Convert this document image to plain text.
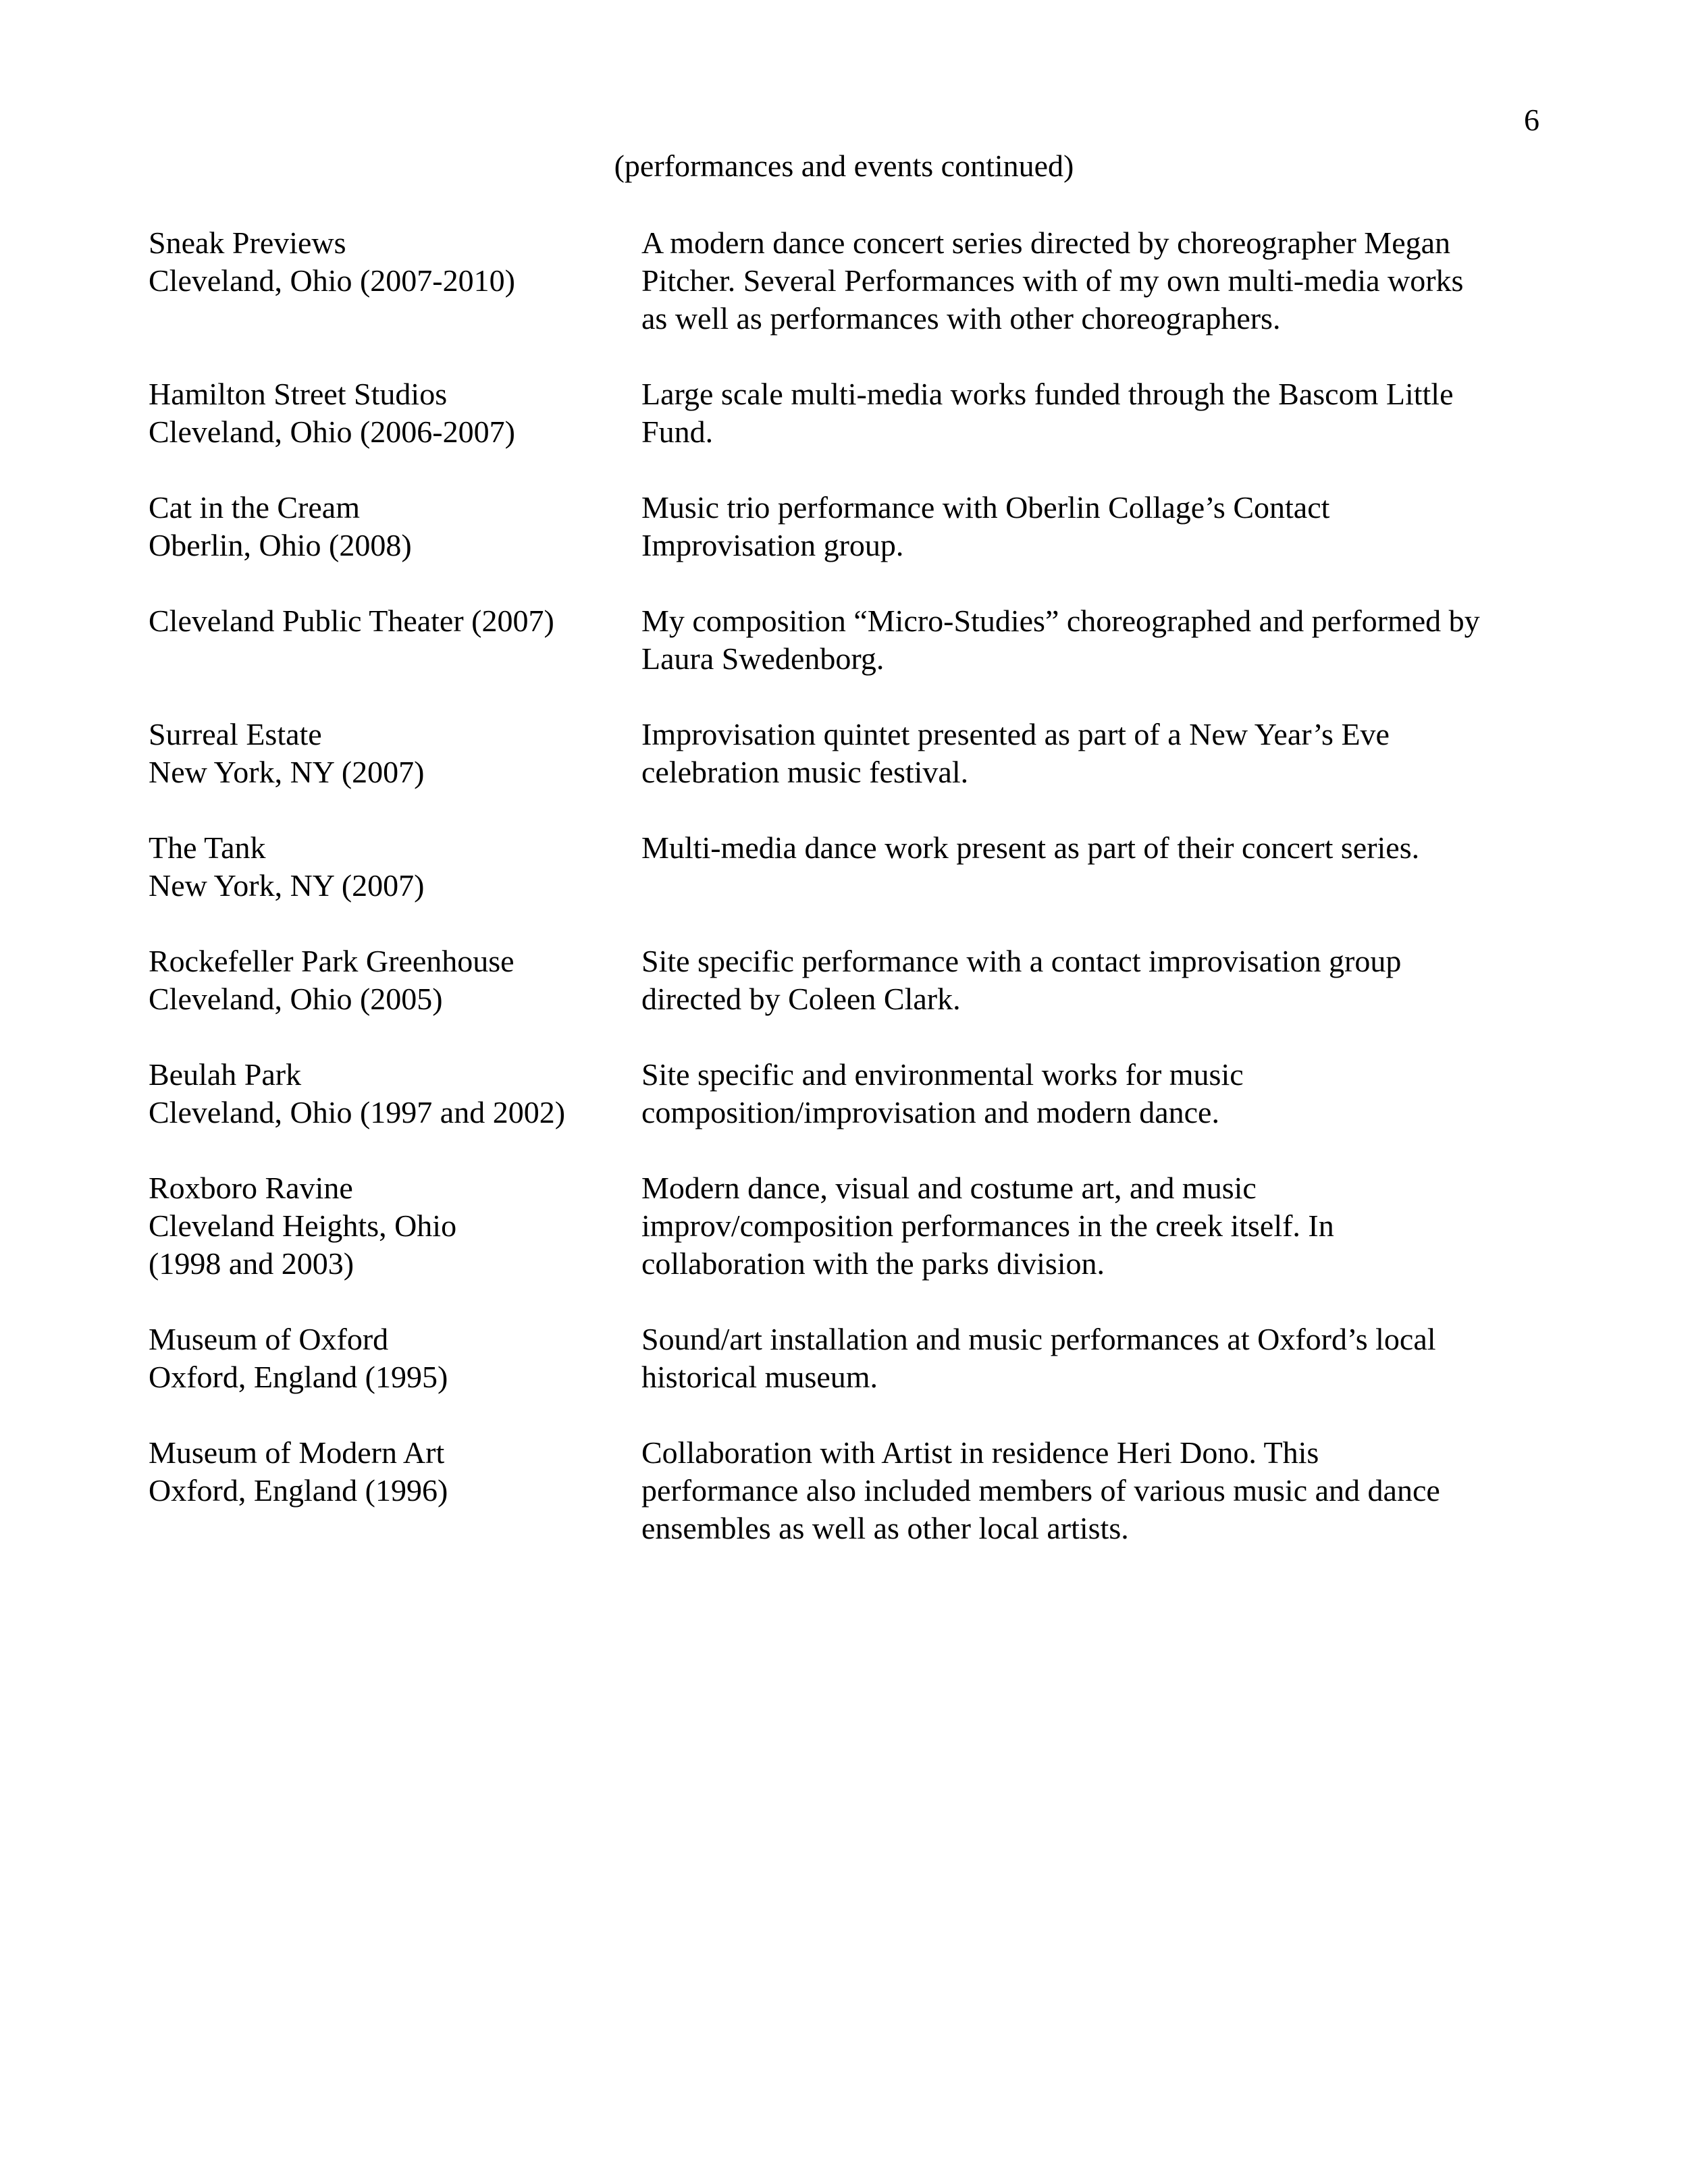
6
(performances and events continued)
Sneak Previews
Cleveland, Ohio (2007-2010)
A modern dance concert series directed by choreographer Megan
Pitcher. Several Performances with of my own multi-media works
as well as performances with other choreographers.
Hamilton Street Studios
Cleveland, Ohio (2006-2007)
Large scale multi-media works funded through the Bascom Little
Fund.
Cat in the Cream
Oberlin, Ohio (2008)
Music trio performance with Oberlin Collage’s Contact
Improvisation group.
Cleveland Public Theater (2007)	My composition “Micro-Studies” choreographed and performed by
Laura Swedenborg.
Surreal Estate
New York, NY (2007)
Improvisation quintet presented as part of a New Year’s Eve
celebration music festival.
The Tank
New York, NY (2007)
Multi-media dance work present as part of their concert series.
Rockefeller Park Greenhouse
Cleveland, Ohio (2005)
Site specific performance with a contact improvisation group
directed by Coleen Clark.
Beulah Park
Cleveland, Ohio (1997 and 2002)
Site specific and environmental works for music
composition/improvisation and modern dance.
Roxboro Ravine
Cleveland Heights, Ohio
(1998 and 2003)
Modern dance, visual and costume art, and music
improv/composition performances in the creek itself. In
collaboration with the parks division.
Museum of Oxford
Oxford, England (1995)
Sound/art installation and music performances at Oxford’s local
historical museum.
Museum of Modern Art
Oxford, England (1996)
Collaboration with Artist in residence Heri Dono. This
performance also included members of various music and dance
ensembles as well as other local artists.
